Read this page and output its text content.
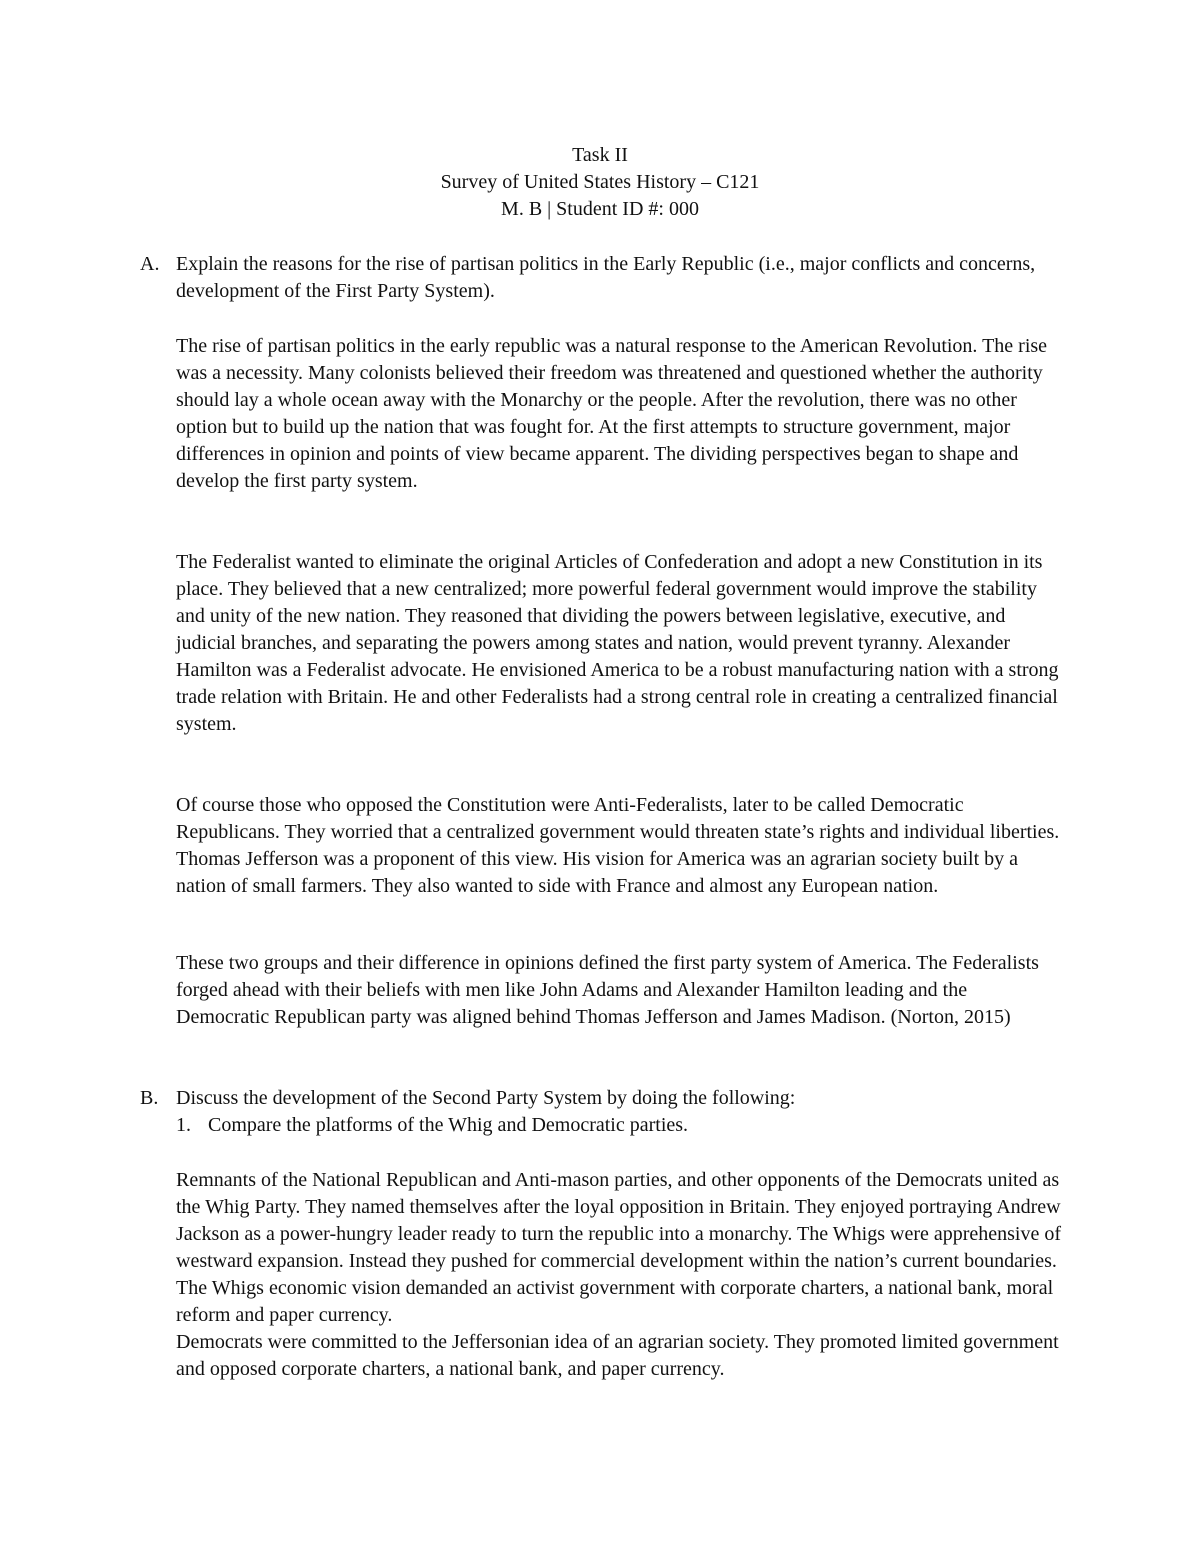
Task II
Survey of United States History – C121
M. B | Student ID #: 000
A. Explain the reasons for the rise of partisan politics in the Early Republic (i.e., major conflicts and concerns, development of the First Party System).

The rise of partisan politics in the early republic was a natural response to the American Revolution. The rise was a necessity. Many colonists believed their freedom was threatened and questioned whether the authority should lay a whole ocean away with the Monarchy or the people. After the revolution, there was no other option but to build up the nation that was fought for. At the first attempts to structure government, major differences in opinion and points of view became apparent. The dividing perspectives began to shape and develop the first party system.

The Federalist wanted to eliminate the original Articles of Confederation and adopt a new Constitution in its place. They believed that a new centralized; more powerful federal government would improve the stability and unity of the new nation. They reasoned that dividing the powers between legislative, executive, and judicial branches, and separating the powers among states and nation, would prevent tyranny. Alexander Hamilton was a Federalist advocate. He envisioned America to be a robust manufacturing nation with a strong trade relation with Britain. He and other Federalists had a strong central role in creating a centralized financial system.

Of course those who opposed the Constitution were Anti-Federalists, later to be called Democratic Republicans. They worried that a centralized government would threaten state’s rights and individual liberties. Thomas Jefferson was a proponent of this view. His vision for America was an agrarian society built by a nation of small farmers. They also wanted to side with France and almost any European nation.

These two groups and their difference in opinions defined the first party system of America. The Federalists forged ahead with their beliefs with men like John Adams and Alexander Hamilton leading and the Democratic Republican party was aligned behind Thomas Jefferson and James Madison. (Norton, 2015)

B. Discuss the development of the Second Party System by doing the following:

1. Compare the platforms of the Whig and Democratic parties.

Remnants of the National Republican and Anti-mason parties, and other opponents of the Democrats united as the Whig Party. They named themselves after the loyal opposition in Britain. They enjoyed portraying Andrew Jackson as a power-hungry leader ready to turn the republic into a monarchy. The Whigs were apprehensive of westward expansion. Instead they pushed for commercial development within the nation’s current boundaries. The Whigs economic vision demanded an activist government with corporate charters, a national bank, moral reform and paper currency.

Democrats were committed to the Jeffersonian idea of an agrarian society. They promoted limited government and opposed corporate charters, a national bank, and paper currency.
